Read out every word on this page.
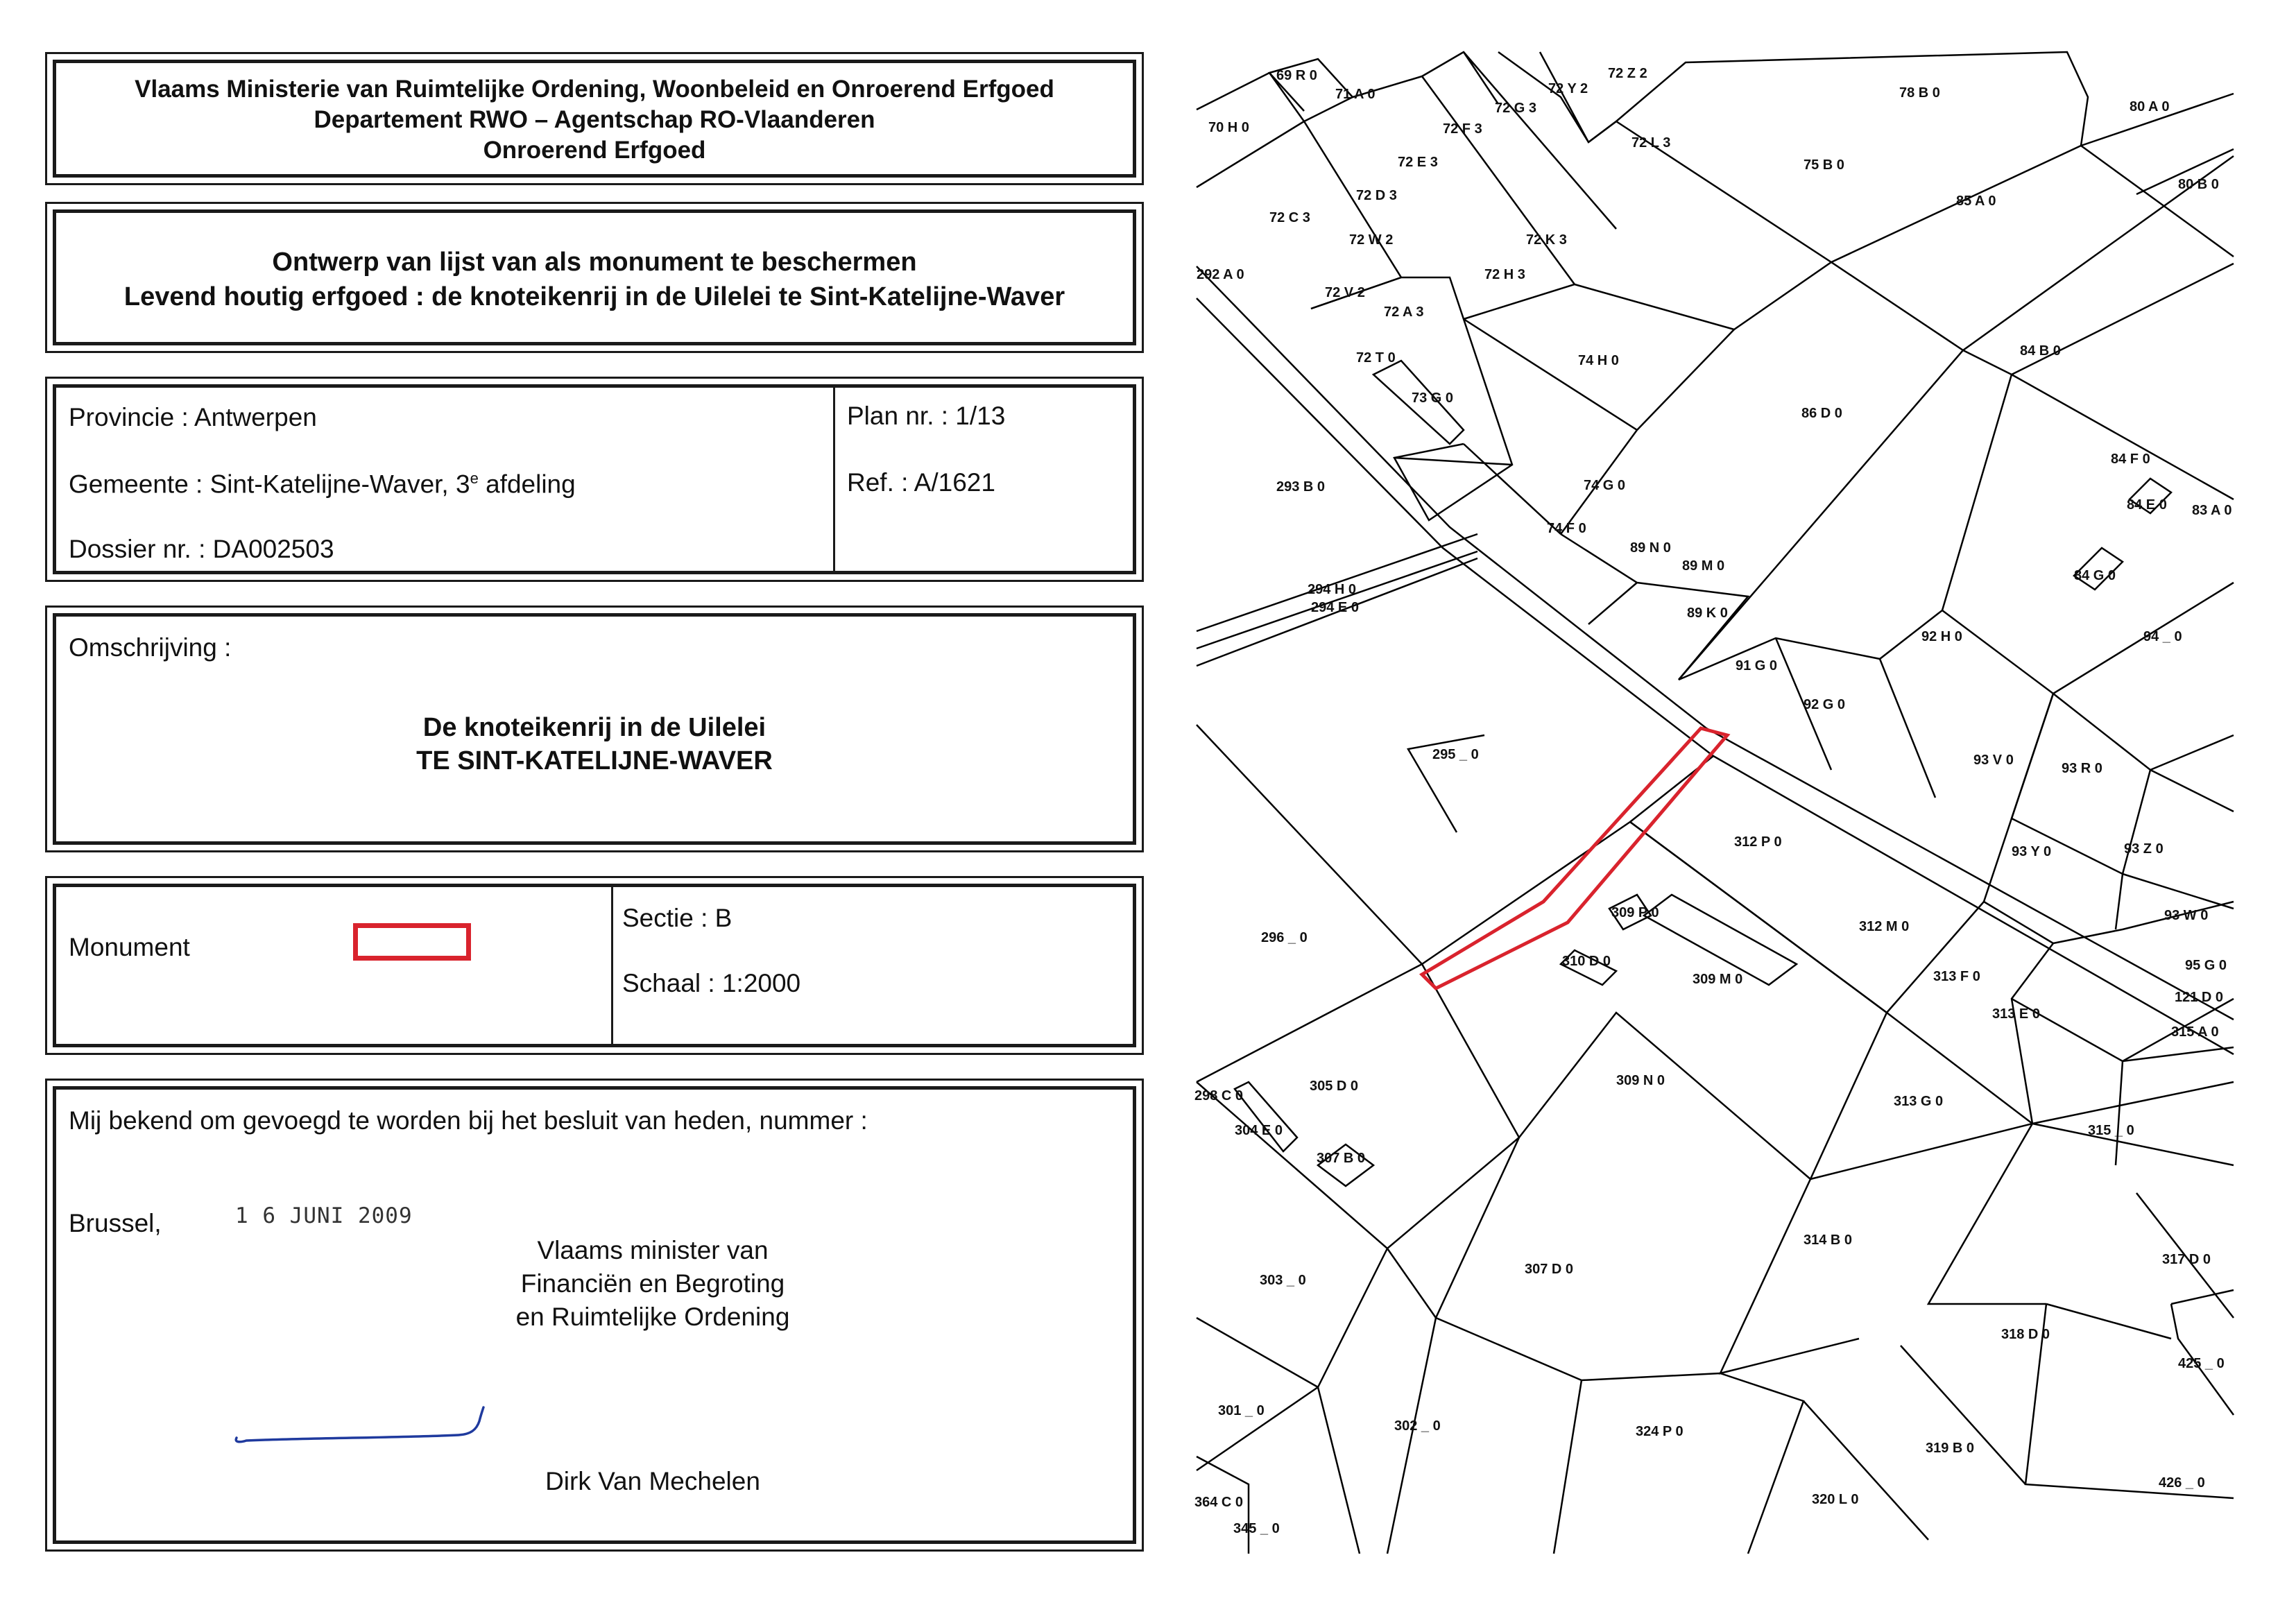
Vlaams Ministerie van Ruimtelijke Ordening, Woonbeleid en Onroerend Erfgoed
Departement RWO – Agentschap RO-Vlaanderen
Onroerend Erfgoed
Ontwerp van lijst van als monument te beschermen
Levend houtig erfgoed : de knoteikenrij in de Uilelei te Sint-Katelijne-Waver
Provincie : Antwerpen
Gemeente : Sint-Katelijne-Waver, 3e afdeling
Dossier nr. : DA002503
Plan nr. : 1/13
Ref. : A/1621
Omschrijving :
De knoteikenrij in de Uilelei
TE SINT-KATELIJNE-WAVER
Monument
Sectie : B
Schaal : 1:2000
Mij bekend om gevoegd te worden bij het besluit van heden, nummer :
Brussel,	1 6 JUNI 2009
Vlaams minister van
Financiën en Begroting
en Ruimtelijke Ordening
Dirk Van Mechelen
69 R 0
71 A 0
72 G 3
72 Y 2
72 Z 2
78 B 0
80 A 0
70 H 0	72 F 3
72 L 3
72 E 3	75 B 0
80 B 0
72 D 3	85 A 0
72 C 3
72 W 2	72 K 3
292 A 0	72 H 3
72 V 2
72 A 3
84 B 0
72 T 0	74 H 0
73 G 0
86 D 0
84 F 0
293 B 0	74 G 0
84 E 0 83 A 0
74 F 0
89 N 0
89 M 0
84 G 0
294 H 0
294 E 0	89 K 0
94 _ 0
92 H 0
91 G 0
92 G 0
295 _ 0	93 V 0
93 R 0
312 P 0
93 Y 0	93 Z 0
309 P 0	93 W 0
296 _ 0
312 M 0
310 D 0	95 G 0
309 M 0	313 F 0
121 D 0
313 E 0
315 A 0
309 N 0
298 C 0
305 D 0
313 G 0
304 E 0	315 _ 0
307 B 0
314 B 0
317 D 0
303 _ 0
307 D 0
318 D 0
425 _ 0
301 _ 0
302 _ 0	324 P 0
319 B 0
426 _ 0
364 C 0	320 L 0
345 _ 0
